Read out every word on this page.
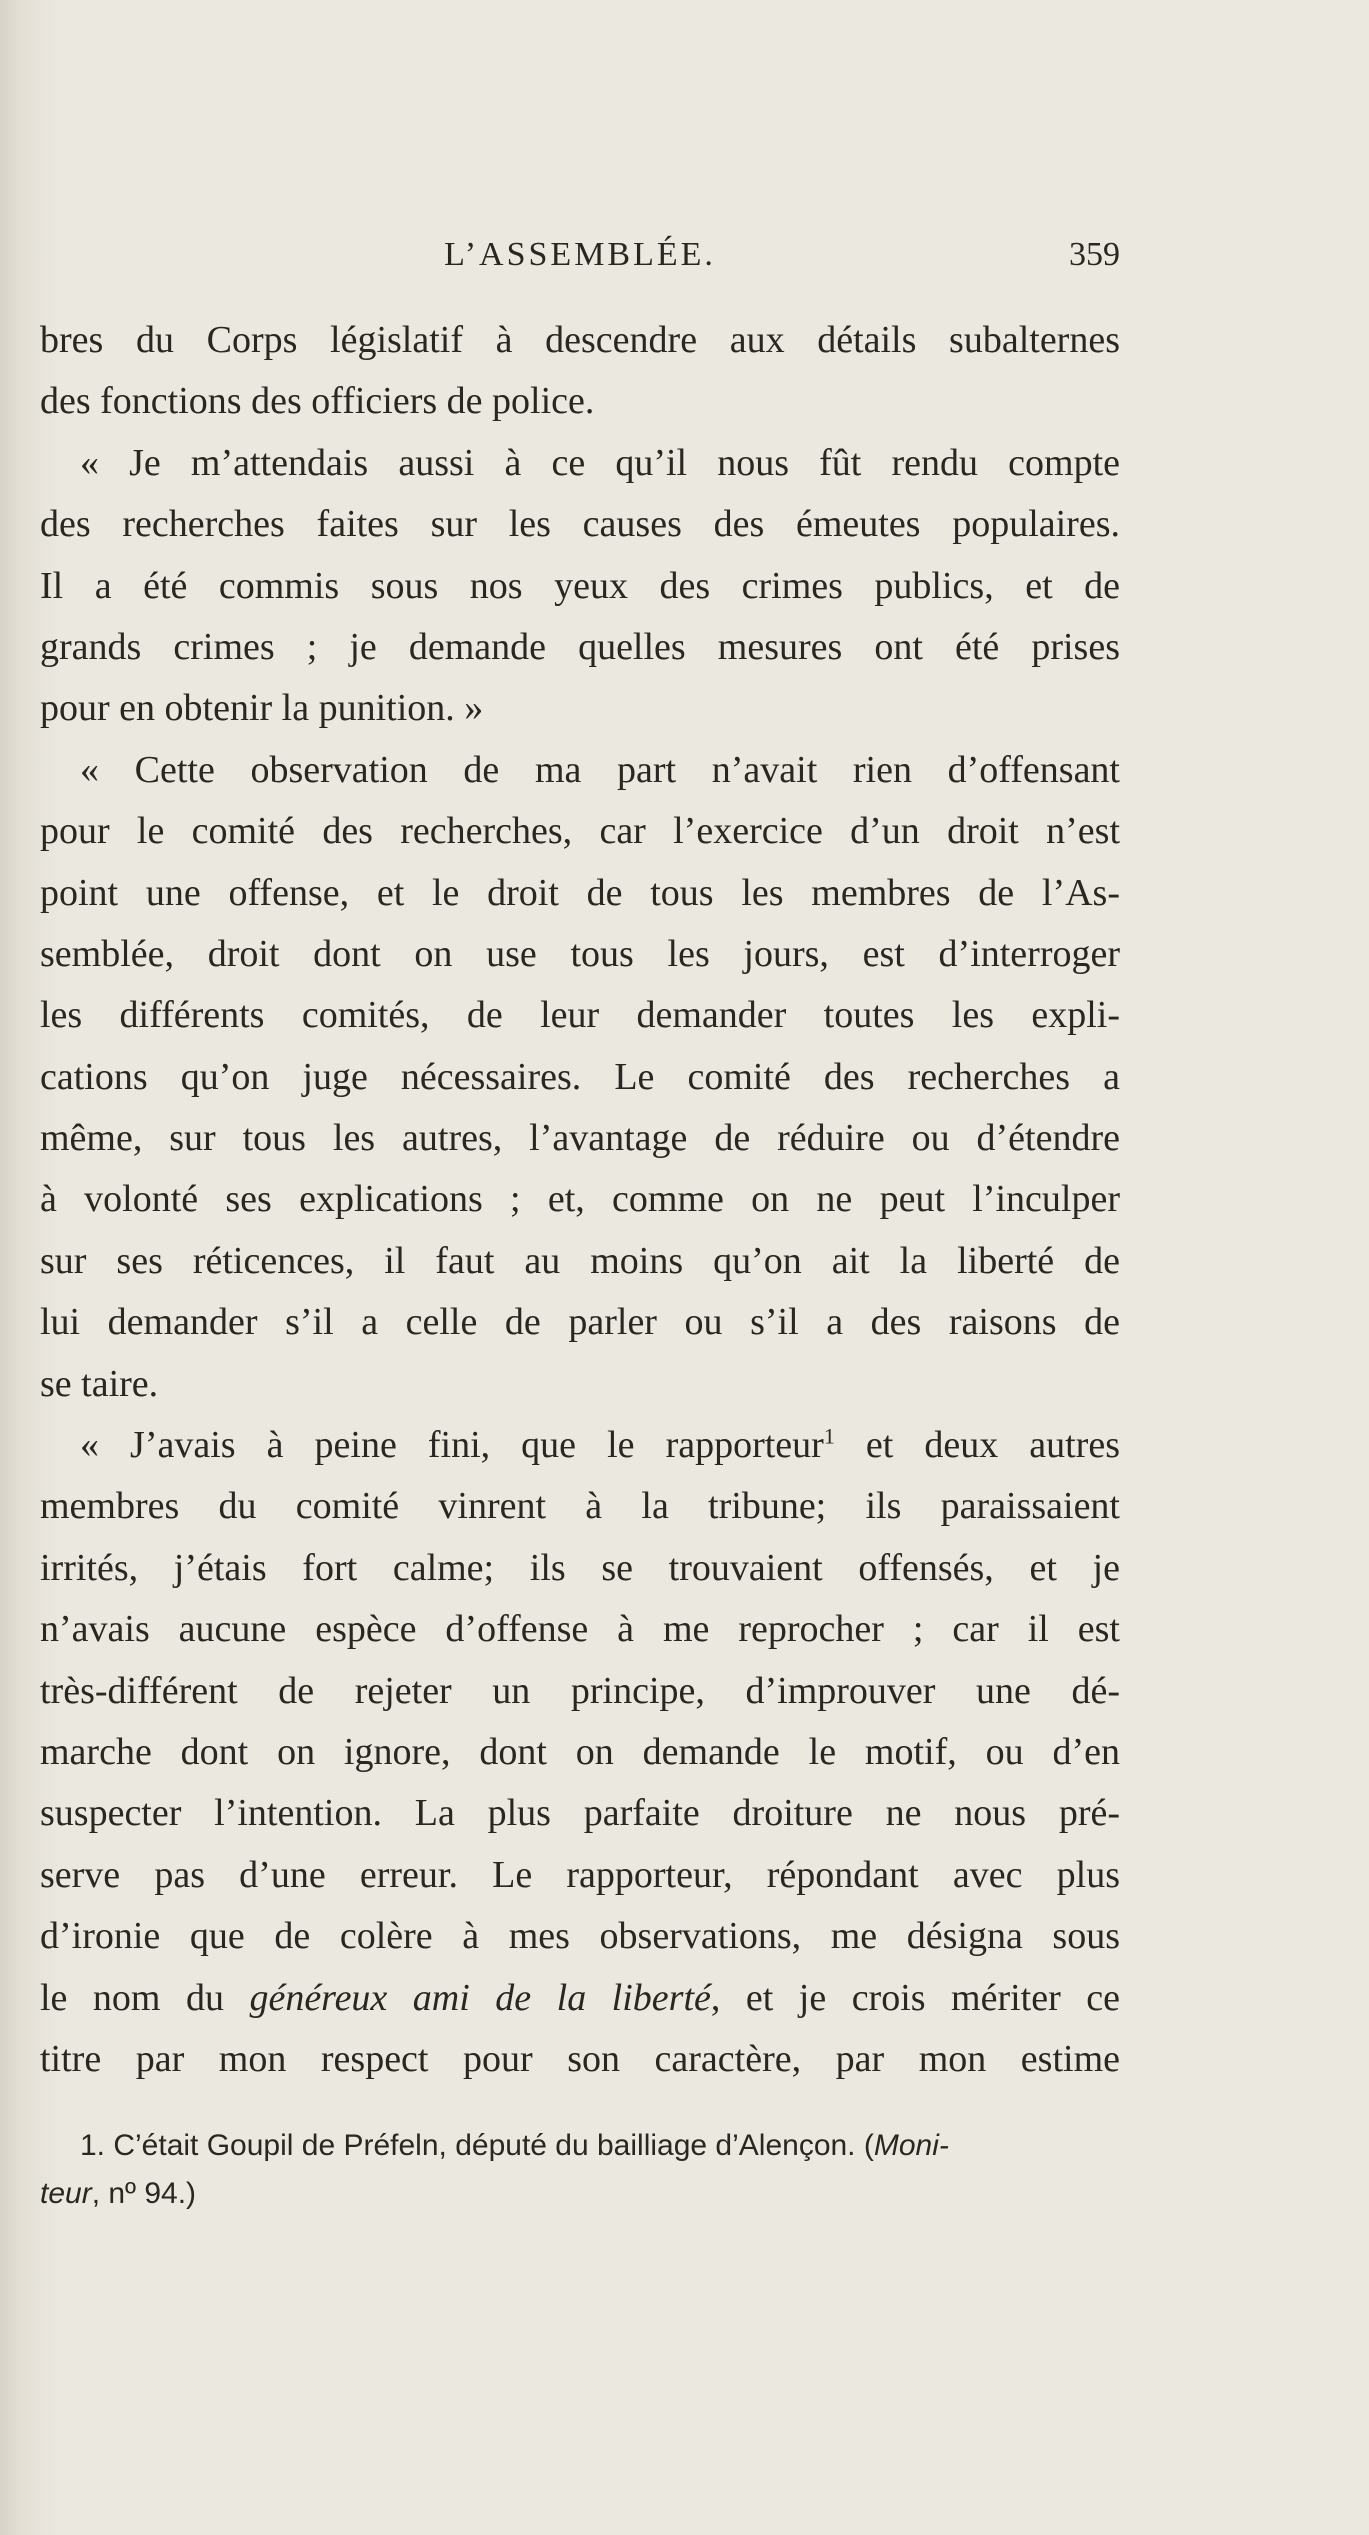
L’ASSEMBLÉE.	359
bres du Corps législatif à descendre aux détails subalternes
des fonctions des officiers de police.
« Je m’attendais aussi à ce qu’il nous fût rendu compte
des recherches faites sur les causes des émeutes populaires.
Il a été commis sous nos yeux des crimes publics, et de
grands crimes ; je demande quelles mesures ont été prises
pour en obtenir la punition. »
« Cette observation de ma part n’avait rien d’offensant
pour le comité des recherches, car l’exercice d’un droit n’est
point une offense, et le droit de tous les membres de l’As-
semblée, droit dont on use tous les jours, est d’interroger
les différents comités, de leur demander toutes les expli-
cations qu’on juge nécessaires. Le comité des recherches a
même, sur tous les autres, l’avantage de réduire ou d’étendre
à volonté ses explications ; et, comme on ne peut l’inculper
sur ses réticences, il faut au moins qu’on ait la liberté de
lui demander s’il a celle de parler ou s’il a des raisons de
se taire.
« J’avais à peine fini, que le rapporteur$^1$ et deux autres
membres du comité vinrent à la tribune; ils paraissaient
irrités, j’étais fort calme; ils se trouvaient offensés, et je
n’avais aucune espèce d’offense à me reprocher ; car il est
très-différent de rejeter un principe, d’improuver une dé-
marche dont on ignore, dont on demande le motif, ou d’en
suspecter l’intention. La plus parfaite droiture ne nous pré-
serve pas d’une erreur. Le rapporteur, répondant avec plus
d’ironie que de colère à mes observations, me désigna sous
le nom du généreux ami de la liberté, et je crois mériter ce
titre par mon respect pour son caractère, par mon estime
1. C’était Goupil de Préfeln, député du bailliage d’Alençon. (Moni-
teur, nº 94.)
